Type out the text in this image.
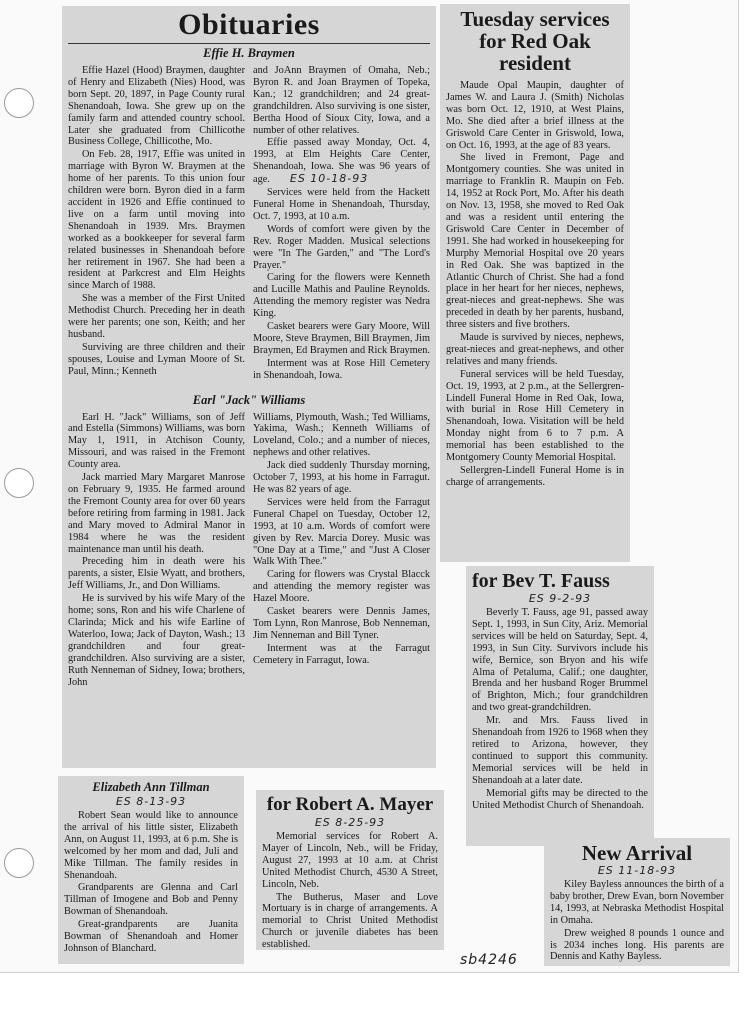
Obituaries
Effie H. Braymen

Effie Hazel (Hood) Braymen, daughter of Henry and Elizabeth (Nies) Hood, was born Sept. 20, 1897, in Page County rural Shenandoah, Iowa. She grew up on the family farm and attended country school. Later she graduated from Chillicothe Business College, Chillicothe, Mo.

On Feb. 28, 1917, Effie was united in marriage with Byron W. Braymen at the home of her parents. To this union four children were born. Byron died in a farm accident in 1926 and Effie continued to live on a farm until moving into Shenandoah in 1939. Mrs. Braymen worked as a bookkeeper for several farm related businesses in Shenandoah before her retirement in 1967. She had been a resident at Parkcrest and Elm Heights since March of 1988.

She was a member of the First United Methodist Church. Preceding her in death were her parents; one son, Keith; and her husband.

Surviving are three children and their spouses, Louise and Lyman Moore of St. Paul, Minn.; Kenneth

and JoAnn Braymen of Omaha, Neb.; Byron R. and Joan Braymen of Topeka, Kan.; 12 grandchildren; and 24 great-grandchildren. Also surviving is one sister, Bertha Hood of Sioux City, Iowa, and a number of other relatives.

Effie passed away Monday, Oct. 4, 1993, at Elm Heights Care Center, Shenandoah, Iowa. She was 96 years of age. ES 10-18-93

Services were held from the Hackett Funeral Home in Shenandoah, Thursday, Oct. 7, 1993, at 10 a.m.

Words of comfort were given by the Rev. Roger Madden. Musical selections were "In The Garden," and "The Lord's Prayer."

Caring for the flowers were Kenneth and Lucille Mathis and Pauline Reynolds. Attending the memory register was Nedra King.

Casket bearers were Gary Moore, Will Moore, Steve Braymen, Bill Braymen, Jim Braymen, Ed Braymen and Rick Braymen.

Interment was at Rose Hill Cemetery in Shenandoah, Iowa.

Earl "Jack" Williams

Earl H. "Jack" Williams, son of Jeff and Estella (Simmons) Williams, was born May 1, 1911, in Atchison County, Missouri, and was raised in the Fremont County area.

Jack married Mary Margaret Manrose on February 9, 1935. He farmed around the Fremont County area for over 60 years before retiring from farming in 1981. Jack and Mary moved to Admiral Manor in 1984 where he was the resident maintenance man until his death.

Preceding him in death were his parents, a sister, Elsie Wyatt, and brothers, Jeff Williams, Jr., and Don Williams.

He is survived by his wife Mary of the home; sons, Ron and his wife Charlene of Clarinda; Mick and his wife Earline of Waterloo, Iowa; Jack of Dayton, Wash.; 13 grandchildren and four great-grandchildren. Also surviving are a sister, Ruth Nenneman of Sidney, Iowa; brothers, John

Williams, Plymouth, Wash.; Ted Williams, Yakima, Wash.; Kenneth Williams of Loveland, Colo.; and a number of nieces, nephews and other relatives.

Jack died suddenly Thursday morning, October 7, 1993, at his home in Farragut. He was 82 years of age.

Services were held from the Farragut Funeral Chapel on Tuesday, October 12, 1993, at 10 a.m. Words of comfort were given by Rev. Marcia Dorey. Music was "One Day at a Time," and "Just A Closer Walk With Thee."

Caring for flowers was Crystal Blacck and attending the memory register was Hazel Moore.

Casket bearers were Dennis James, Tom Lynn, Ron Manrose, Bob Nenneman, Jim Nenneman and Bill Tyner.

Interment was at the Farragut Cemetery in Farragut, Iowa.

Tuesday services for Red Oak resident

Maude Opal Maupin, daughter of James W. and Laura J. (Smith) Nicholas was born Oct. 12, 1910, at West Plains, Mo. She died after a brief illness at the Griswold Care Center in Griswold, Iowa, on Oct. 16, 1993, at the age of 83 years.

She lived in Fremont, Page and Montgomery counties. She was united in marriage to Franklin R. Maupin on Feb. 14, 1952 at Rock Port, Mo. After his death on Nov. 13, 1958, she moved to Red Oak and was a resident until entering the Griswold Care Center in December of 1991. She had worked in housekeeping for Murphy Memorial Hospital ove 20 years in Red Oak. She was baptized in the Atlantic Church of Christ. She had a fond place in her heart for her nieces, nephews, great-nieces and great-nephews. She was preceded in death by her parents, husband, three sisters and five brothers.

Maude is survived by nieces, nephews, great-nieces and great-nephews, and other relatives and many friends.

Funeral services will be held Tuesday, Oct. 19, 1993, at 2 p.m., at the Sellergren-Lindell Funeral Home in Red Oak, Iowa, with burial in Rose Hill Cemetery in Shenandoah, Iowa. Visitation will be held Monday night from 6 to 7 p.m. A memorial has been established to the Montgomery County Memorial Hospital.

Sellergren-Lindell Funeral Home is in charge of arrangements.

for Bev T. Fauss
ES 9-2-93

Beverly T. Fauss, age 91, passed away Sept. 1, 1993, in Sun City, Ariz. Memorial services will be held on Saturday, Sept. 4, 1993, in Sun City. Survivors include his wife, Bernice, son Bryon and his wife Alma of Petaluma, Calif.; one daughter, Brenda and her husband Roger Brummel of Brighton, Mich.; four grandchildren and two great-grandchildren.

Mr. and Mrs. Fauss lived in Shenandoah from 1926 to 1968 when they retired to Arizona, however, they continued to support this community. Memorial services will be held in Shenandoah at a later date.

Memorial gifts may be directed to the United Methodist Church of Shenandoah.

Elizabeth Ann Tillman
ES 8-13-93

Robert Sean would like to announce the arrival of his little sister, Elizabeth Ann, on August 11, 1993, at 6 p.m. She is welcomed by her mom and dad, Juli and Mike Tillman. The family resides in Shenandoah.

Grandparents are Glenna and Carl Tillman of Imogene and Bob and Penny Bowman of Shenandoah.

Great-grandparents are Juanita Bowman of Shenandoah and Homer Johnson of Blanchard.

for Robert A. Mayer
ES 8-25-93

Memorial services for Robert A. Mayer of Lincoln, Neb., will be Friday, August 27, 1993 at 10 a.m. at Christ United Methodist Church, 4530 A Street, Lincoln, Neb.

The Butherus, Maser and Love Mortuary is in charge of arrangements. A memorial to Christ United Methodist Church or juvenile diabetes has been established.

New Arrival
ES 11-18-93

Kiley Bayless announces the birth of a baby brother, Drew Evan, born November 14, 1993, at Nebraska Methodist Hospital in Omaha.

Drew weighed 8 pounds 1 ounce and is 2034 inches long. His parents are Dennis and Kathy Bayless.

sb4246
